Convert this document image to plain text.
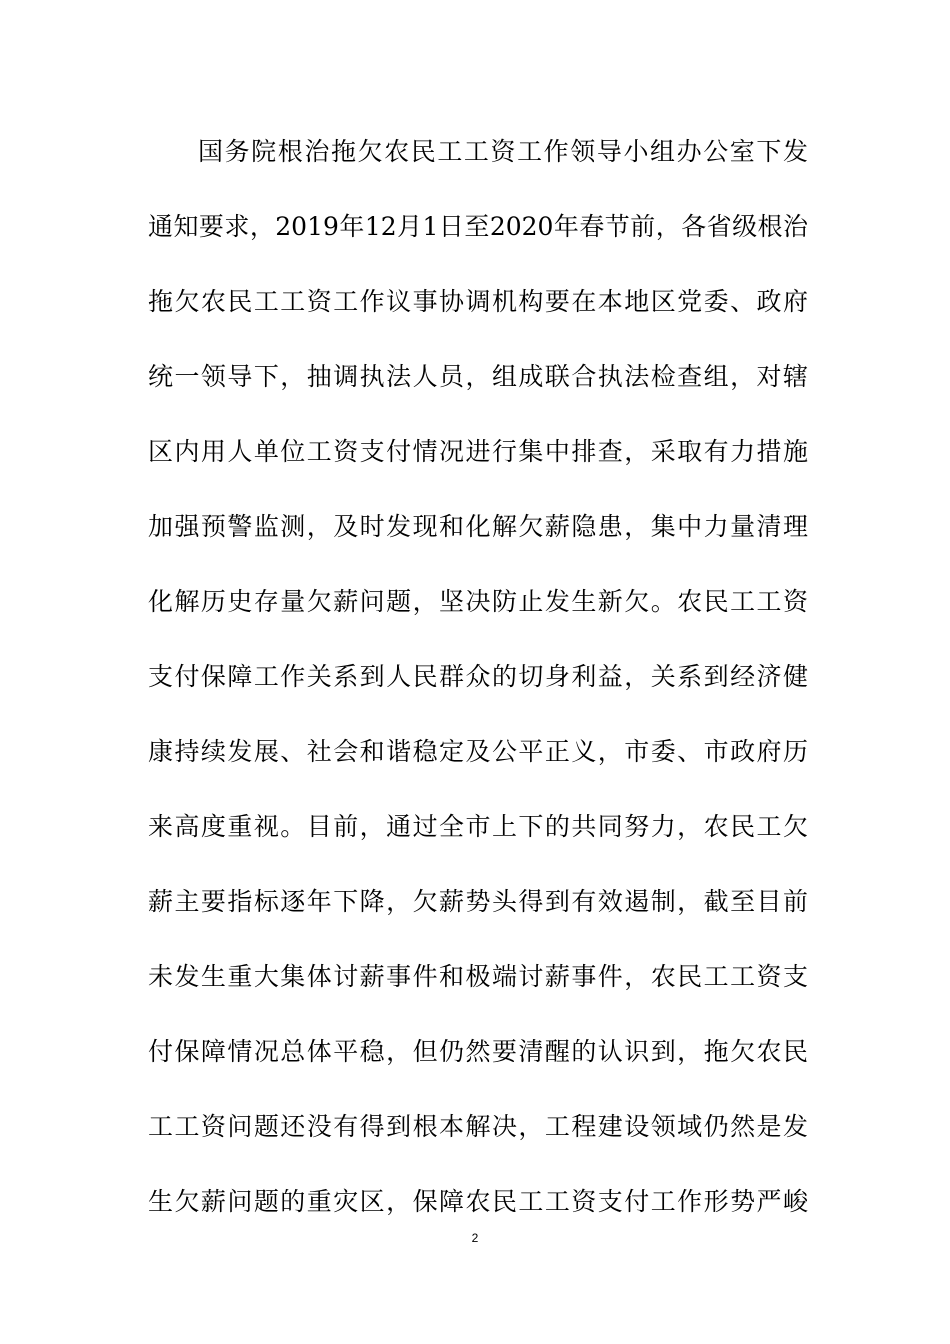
国务院根治拖欠农民工工资工作领导小组办公室下发
通知要求，2019年12月1日至2020年春节前，各省级根治
拖欠农民工工资工作议事协调机构要在本地区党委、政府
统一领导下，抽调执法人员，组成联合执法检查组，对辖
区内用人单位工资支付情况进行集中排查，采取有力措施
加强预警监测，及时发现和化解欠薪隐患，集中力量清理
化解历史存量欠薪问题，坚决防止发生新欠。农民工工资
支付保障工作关系到人民群众的切身利益，关系到经济健
康持续发展、社会和谐稳定及公平正义，市委、市政府历
来高度重视。目前，通过全市上下的共同努力，农民工欠
薪主要指标逐年下降，欠薪势头得到有效遏制，截至目前
未发生重大集体讨薪事件和极端讨薪事件，农民工工资支
付保障情况总体平稳，但仍然要清醒的认识到，拖欠农民
工工资问题还没有得到根本解决，工程建设领域仍然是发
生欠薪问题的重灾区，保障农民工工资支付工作形势严峻
2
